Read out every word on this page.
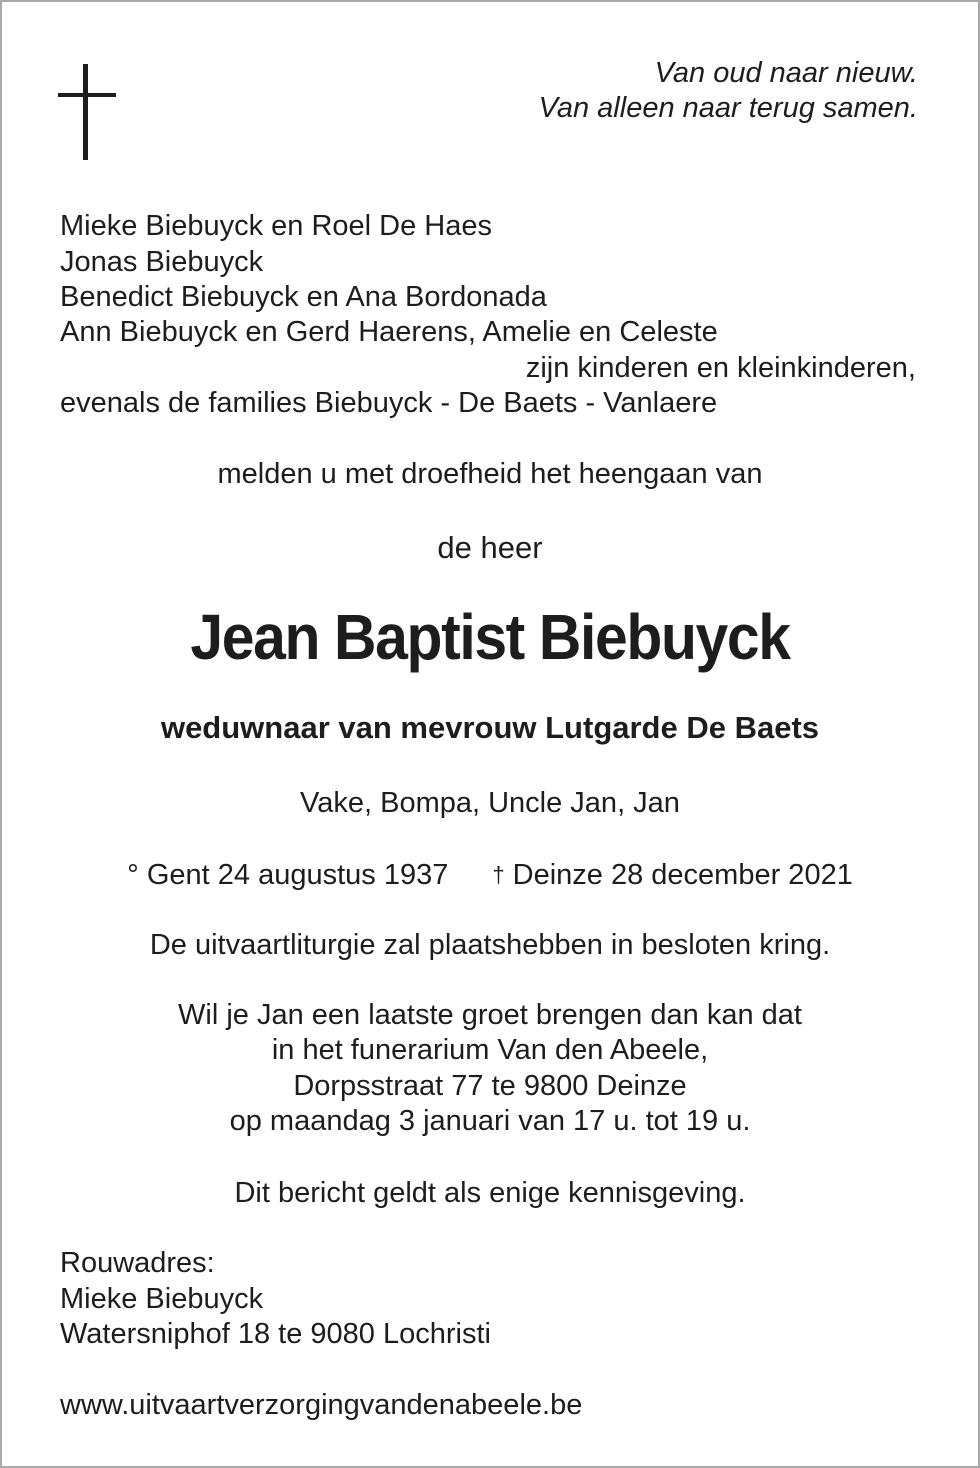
Van oud naar nieuw.
Van alleen naar terug samen.
Mieke Biebuyck en Roel De Haes
Jonas Biebuyck
Benedict Biebuyck en Ana Bordonada
Ann Biebuyck en Gerd Haerens, Amelie en Celeste
zijn kinderen en kleinkinderen,
evenals de families Biebuyck - De Baets - Vanlaere
melden u met droefheid het heengaan van
de heer
Jean Baptist Biebuyck
weduwnaar van mevrouw Lutgarde De Baets
Vake, Bompa, Uncle Jan, Jan
° Gent 24 augustus 1937 † Deinze 28 december 2021
De uitvaartliturgie zal plaatshebben in besloten kring.
Wil je Jan een laatste groet brengen dan kan dat
in het funerarium Van den Abeele,
Dorpsstraat 77 te 9800 Deinze
op maandag 3 januari van 17 u. tot 19 u.
Dit bericht geldt als enige kennisgeving.
Rouwadres:
Mieke Biebuyck
Watersniphof 18 te 9080 Lochristi
www.uitvaartverzorgingvandenabeele.be
